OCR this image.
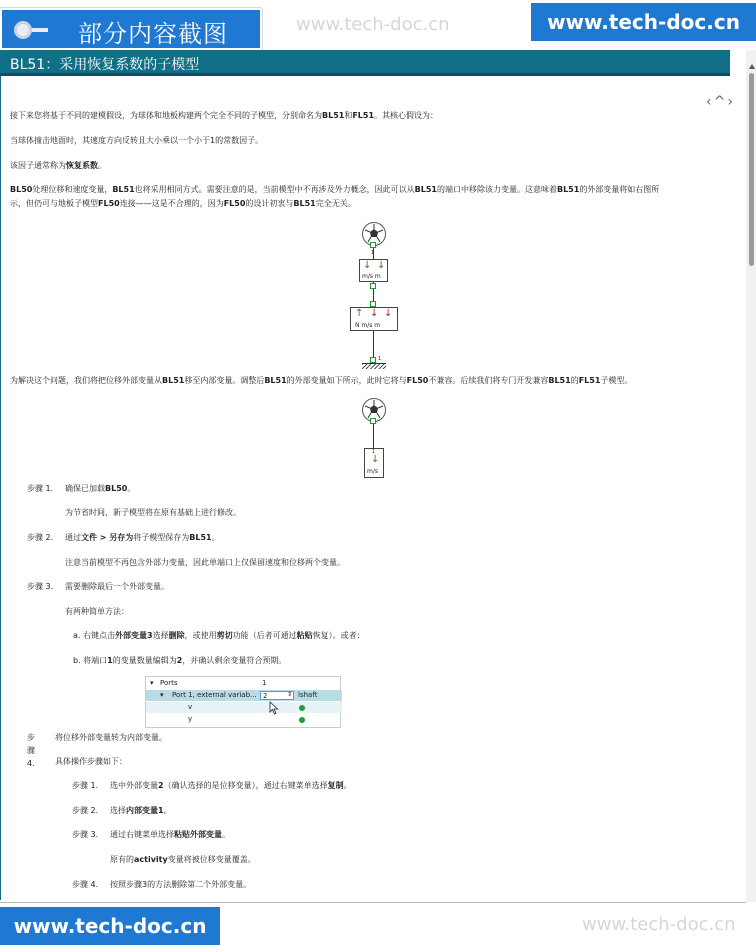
部分内容截图	www.tech-doc.cn	www.tech-doc.cn
BL51：采用恢复系数的子模型
‹^›

接下来您将基于不同的建模假设，为球体和地板构建两个完全不同的子模型，分别命名为BL51和FL51。其核心假设为：

当球体撞击地面时，其速度方向反转且大小乘以一个小于1的常数因子。

该因子通常称为恢复系数。

BL50处理位移和速度变量，BL51也将采用相同方式。需要注意的是，当前模型中不再涉及外力概念，因此可以从BL51的端口中移除该力变量。这意味着BL51的外部变量将如右图所

示，但仍可与地板子模型FL50连接——这是不合理的，因为FL50的设计初衷与BL51完全无关。

1
↓ ↓
m/s m
↑ ↓ ↓
N m/s m
1

为解决这个问题，我们将把位移外部变量从BL51移至内部变量。调整后BL51的外部变量如下所示，此时它将与FL50不兼容。后续我们将专门开发兼容BL51的FL51子模型。

1
↓
m/s

步骤 1. 确保已加载BL50。

为节省时间，新子模型将在原有基础上进行修改。

步骤 2. 通过文件 > 另存为将子模型保存为BL51。

注意当前模型不再包含外部力变量，因此单端口上仅保留速度和位移两个变量。

步骤 3. 需要删除最后一个外部变量。

有两种简单方法：

a. 右键点击外部变量3选择删除，或使用剪切功能（后者可通过粘贴恢复）。或者：

b. 将端口1的变量数量编辑为2，并确认剩余变量符合预期。

▾ Ports	1
▾ Port 1, external variab... 2	⇕ lshaft
v
y

步

骤

4.

将位移外部变量转为内部变量。

具体操作步骤如下：

步骤 1. 选中外部变量2（确认选择的是位移变量），通过右键菜单选择复制。

步骤 2. 选择内部变量1。

步骤 3. 通过右键菜单选择粘贴外部变量。

原有的activity变量将被位移变量覆盖。

步骤 4. 按照步骤3的方法删除第二个外部变量。

www.tech-doc.cn	www.tech-doc.cn
